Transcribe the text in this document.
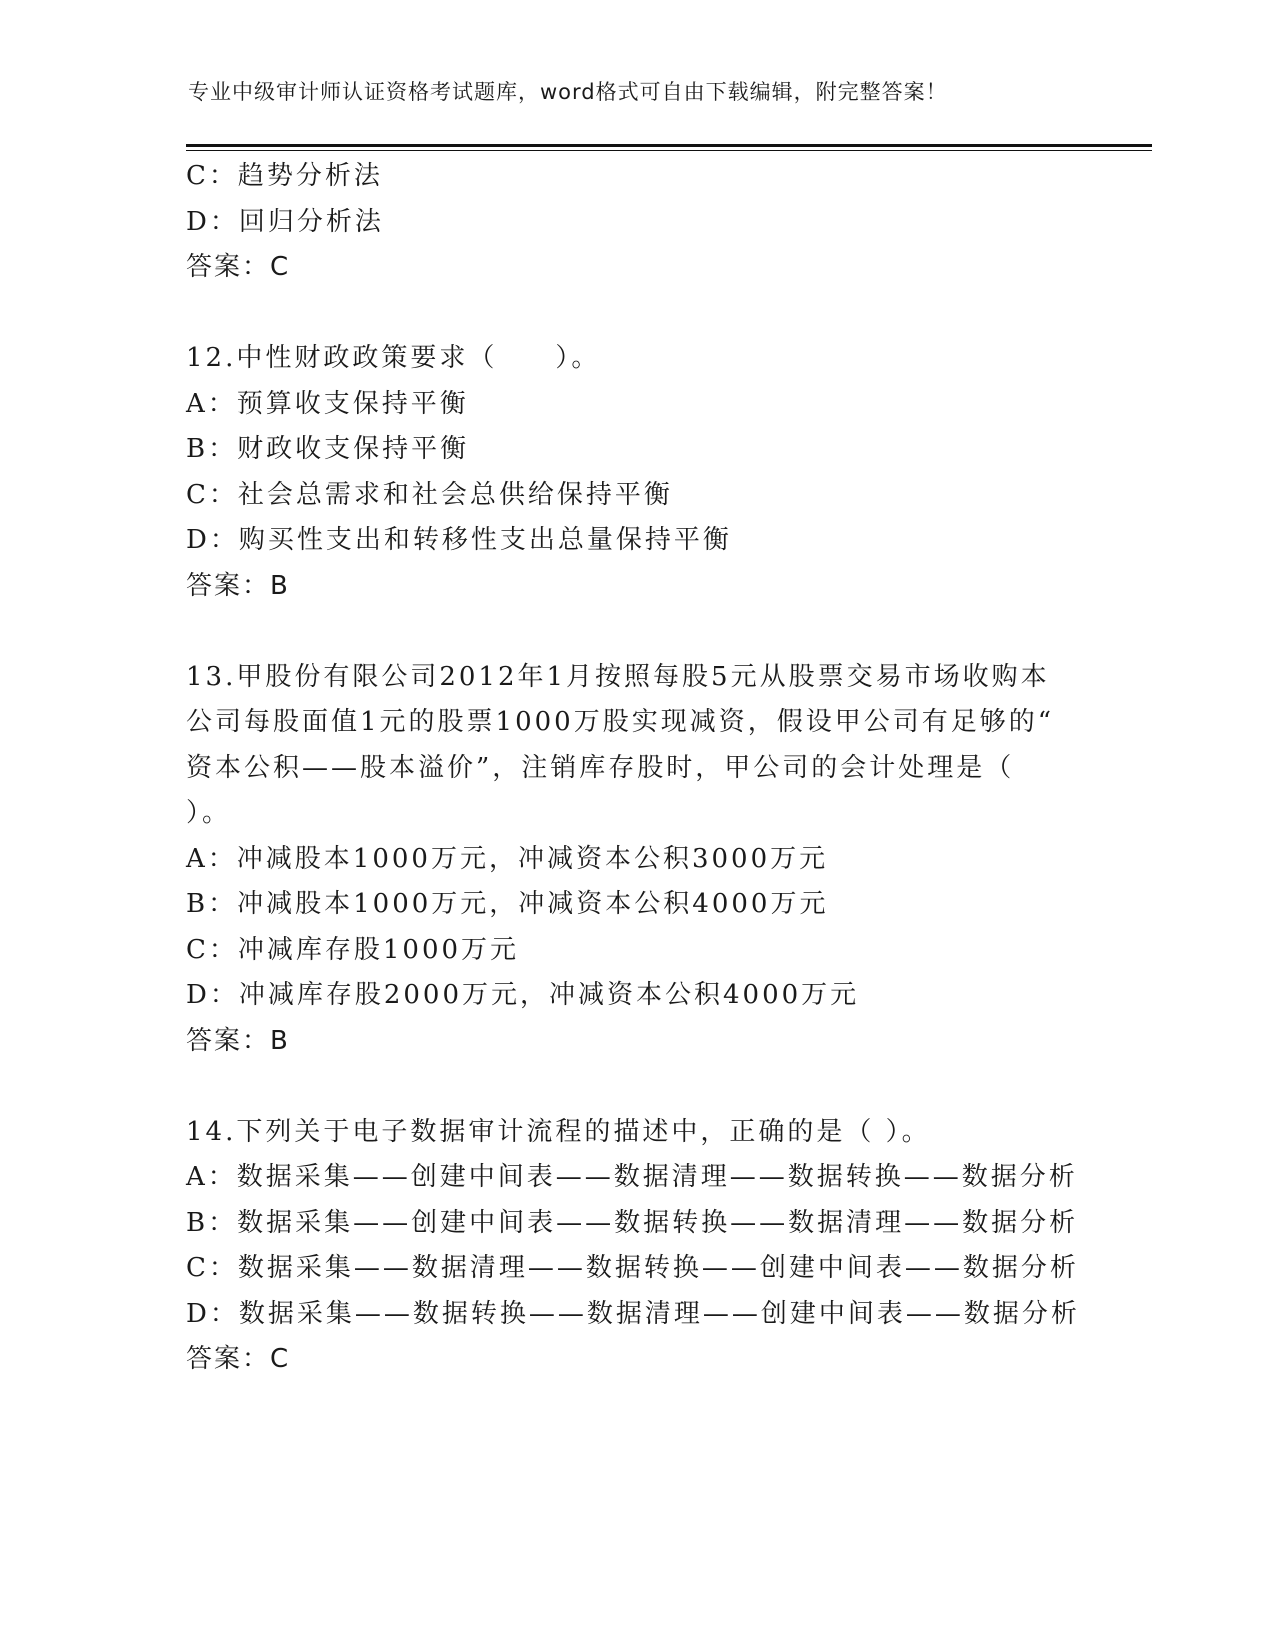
专业中级审计师认证资格考试题库，word格式可自由下载编辑，附完整答案！
C：趋势分析法
D：回归分析法
答案：C
12.中性财政政策要求（　　）。
A：预算收支保持平衡
B：财政收支保持平衡
C：社会总需求和社会总供给保持平衡
D：购买性支出和转移性支出总量保持平衡
答案：B
13.甲股份有限公司2012年1月按照每股5元从股票交易市场收购本
公司每股面值1元的股票1000万股实现减资，假设甲公司有足够的“
资本公积——股本溢价”，注销库存股时，甲公司的会计处理是（
）。
A：冲减股本1000万元，冲减资本公积3000万元
B：冲减股本1000万元，冲减资本公积4000万元
C：冲减库存股1000万元
D：冲减库存股2000万元，冲减资本公积4000万元
答案：B
14.下列关于电子数据审计流程的描述中，正确的是（ ）。
A：数据采集——创建中间表——数据清理——数据转换——数据分析
B：数据采集——创建中间表——数据转换——数据清理——数据分析
C：数据采集——数据清理——数据转换——创建中间表——数据分析
D：数据采集——数据转换——数据清理——创建中间表——数据分析
答案：C
